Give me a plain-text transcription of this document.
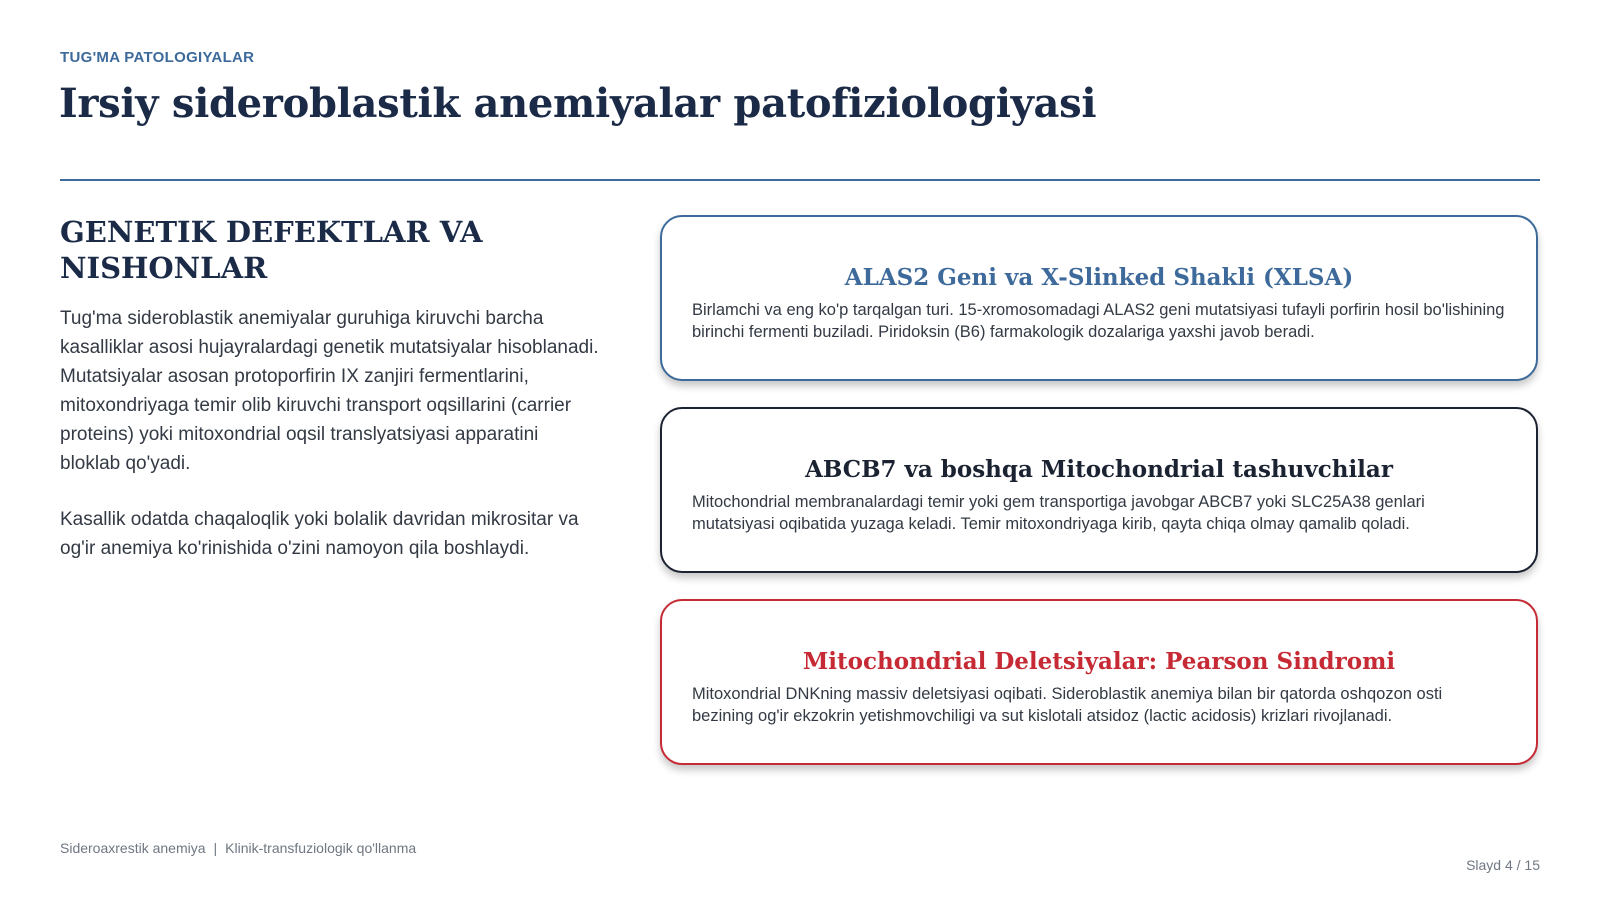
TUG'MA PATOLOGIYALAR
Irsiy sideroblastik anemiyalar patofiziologiyasi
GENETIK DEFEKTLAR VA NISHONLAR

Tug'ma sideroblastik anemiyalar guruhiga kiruvchi barcha kasalliklar asosi hujayralardagi genetik mutatsiyalar hisoblanadi. Mutatsiyalar asosan protoporfirin IX zanjiri fermentlarini, mitoxondriyaga temir olib kiruvchi transport oqsillarini (carrier proteins) yoki mitoxondrial oqsil translyatsiyasi apparatini bloklab qo'yadi.

Kasallik odatda chaqaloqlik yoki bolalik davridan mikrositar va og'ir anemiya ko'rinishida o'zini namoyon qila boshlaydi.

ALAS2 Geni va X-Slinked Shakli (XLSA)

Birlamchi va eng ko'p tarqalgan turi. 15-xromosomadagi ALAS2 geni mutatsiyasi tufayli porfirin hosil bo'lishining birinchi fermenti buziladi. Piridoksin (B6) farmakologik dozalariga yaxshi javob beradi.

ABCB7 va boshqa Mitochondrial tashuvchilar

Mitochondrial membranalardagi temir yoki gem transportiga javobgar ABCB7 yoki SLC25A38 genlari mutatsiyasi oqibatida yuzaga keladi. Temir mitoxondriyaga kirib, qayta chiqa olmay qamalib qoladi.

Mitochondrial Deletsiyalar: Pearson Sindromi

Mitoxondrial DNKning massiv deletsiyasi oqibati. Sideroblastik anemiya bilan bir qatorda oshqozon osti bezining og'ir ekzokrin yetishmovchiligi va sut kislotali atsidoz (lactic acidosis) krizlari rivojlanadi.

Sideroaxrestik anemiya | Klinik-transfuziologik qo'llanma
Slayd 4 / 15
